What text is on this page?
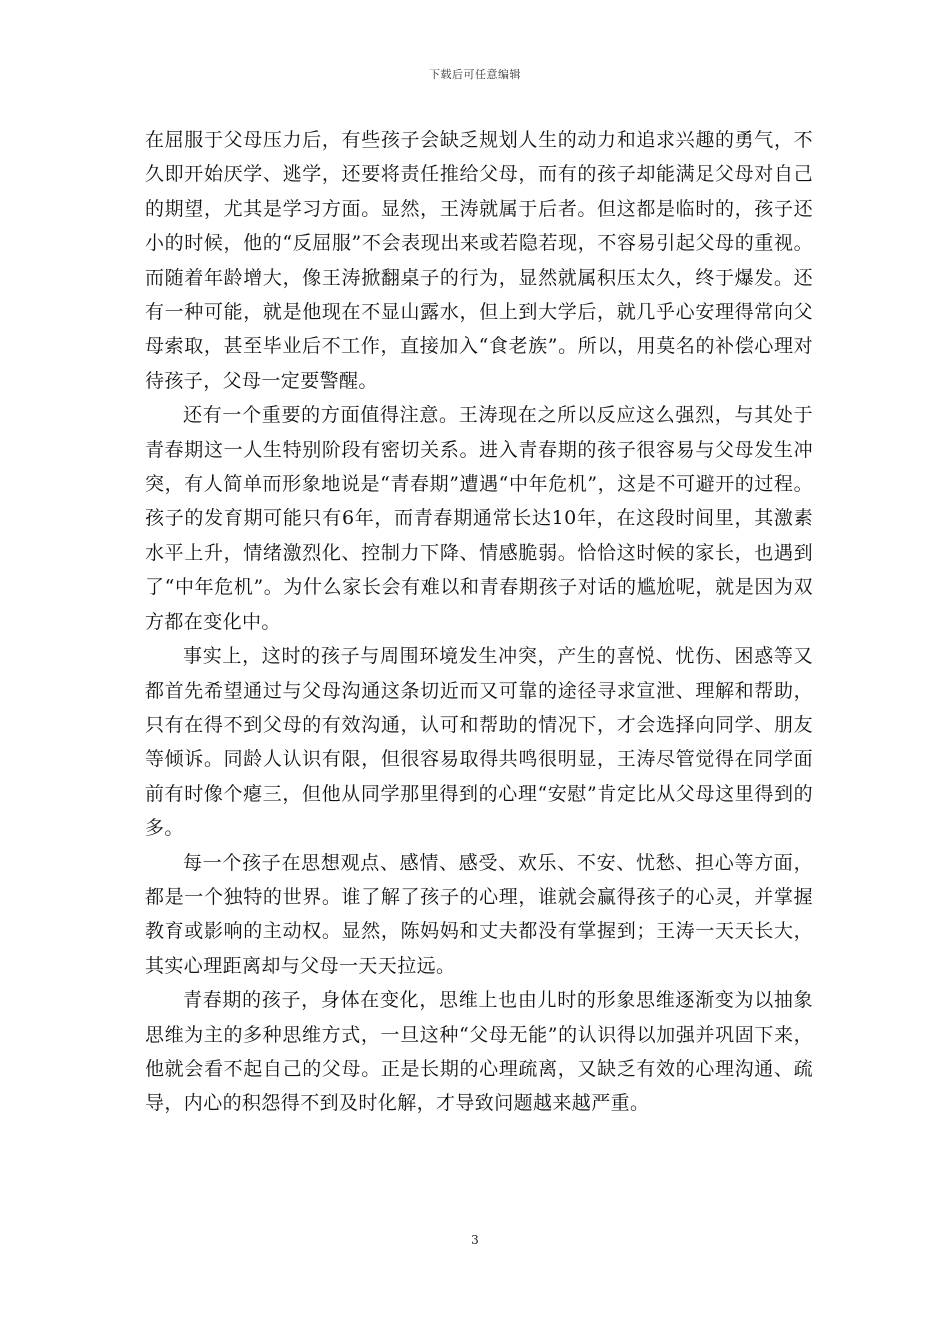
下载后可任意编辑

在屈服于父母压力后，有些孩子会缺乏规划人生的动力和追求兴趣的勇气，不久即开始厌学、逃学，还要将责任推给父母，而有的孩子却能满足父母对自己的期望，尤其是学习方面。显然，王涛就属于后者。但这都是临时的，孩子还小的时候，他的“反屈服”不会表现出来或若隐若现，不容易引起父母的重视。而随着年龄增大，像王涛掀翻桌子的行为，显然就属积压太久，终于爆发。还有一种可能，就是他现在不显山露水，但上到大学后，就几乎心安理得常向父母索取，甚至毕业后不工作，直接加入“食老族”。所以，用莫名的补偿心理对待孩子，父母一定要警醒。

还有一个重要的方面值得注意。王涛现在之所以反应这么强烈，与其处于青春期这一人生特别阶段有密切关系。进入青春期的孩子很容易与父母发生冲突，有人简单而形象地说是“青春期”遭遇“中年危机”，这是不可避开的过程。孩子的发育期可能只有6年，而青春期通常长达10年，在这段时间里，其激素水平上升，情绪激烈化、控制力下降、情感脆弱。恰恰这时候的家长，也遇到了“中年危机”。为什么家长会有难以和青春期孩子对话的尴尬呢，就是因为双方都在变化中。

事实上，这时的孩子与周围环境发生冲突，产生的喜悦、忧伤、困惑等又都首先希望通过与父母沟通这条切近而又可靠的途径寻求宣泄、理解和帮助，只有在得不到父母的有效沟通，认可和帮助的情况下，才会选择向同学、朋友等倾诉。同龄人认识有限，但很容易取得共鸣很明显，王涛尽管觉得在同学面前有时像个瘪三，但他从同学那里得到的心理“安慰”肯定比从父母这里得到的多。

每一个孩子在思想观点、感情、感受、欢乐、不安、忧愁、担心等方面，都是一个独特的世界。谁了解了孩子的心理，谁就会赢得孩子的心灵，并掌握教育或影响的主动权。显然，陈妈妈和丈夫都没有掌握到；王涛一天天长大，其实心理距离却与父母一天天拉远。

青春期的孩子，身体在变化，思维上也由儿时的形象思维逐渐变为以抽象思维为主的多种思维方式，一旦这种“父母无能”的认识得以加强并巩固下来，他就会看不起自己的父母。正是长期的心理疏离，又缺乏有效的心理沟通、疏导，内心的积怨得不到及时化解，才导致问题越来越严重。

3
